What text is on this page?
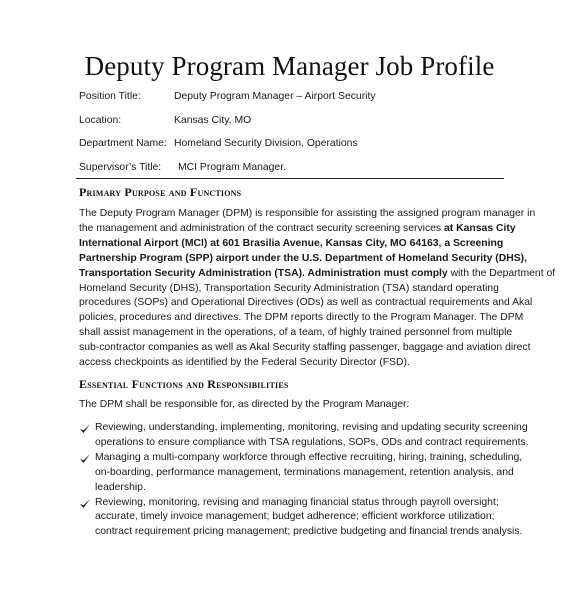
Deputy Program Manager Job Profile
Position Title:	Deputy Program Manager – Airport Security
Location:	Kansas City, MO
Department Name: Homeland Security Division, Operations
Supervisor’s Title: MCI Program Manager.
Primary Purpose and Functions
The Deputy Program Manager (DPM) is responsible for assisting the assigned program manager in
the management and administration of the contract security screening services at Kansas City
International Airport (MCI) at 601 Brasilia Avenue, Kansas City, MO 64163, a Screening
Partnership Program (SPP) airport under the U.S. Department of Homeland Security (DHS),
Transportation Security Administration (TSA). Administration must comply with the Department of
Homeland Security (DHS), Transportation Security Administration (TSA) standard operating
procedures (SOPs) and Operational Directives (ODs) as well as contractual requirements and Akal
policies, procedures and directives. The DPM reports directly to the Program Manager. The DPM
shall assist management in the operations, of a team, of highly trained personnel from multiple
sub-contractor companies as well as Akal Security staffing passenger, baggage and aviation direct
access checkpoints as identified by the Federal Security Director (FSD).
Essential Functions and Responsibilities
The DPM shall be responsible for, as directed by the Program Manager:
Reviewing, understanding, implementing, monitoring, revising and updating security screening
operations to ensure compliance with TSA regulations, SOPs, ODs and contract requirements.
Managing a multi-company workforce through effective recruiting, hiring, training, scheduling,
on-boarding, performance management, terminations management, retention analysis, and
leadership.
Reviewing, monitoring, revising and managing financial status through payroll oversight;
accurate, timely invoice management; budget adherence; efficient workforce utilization;
contract requirement pricing management; predictive budgeting and financial trends analysis.
